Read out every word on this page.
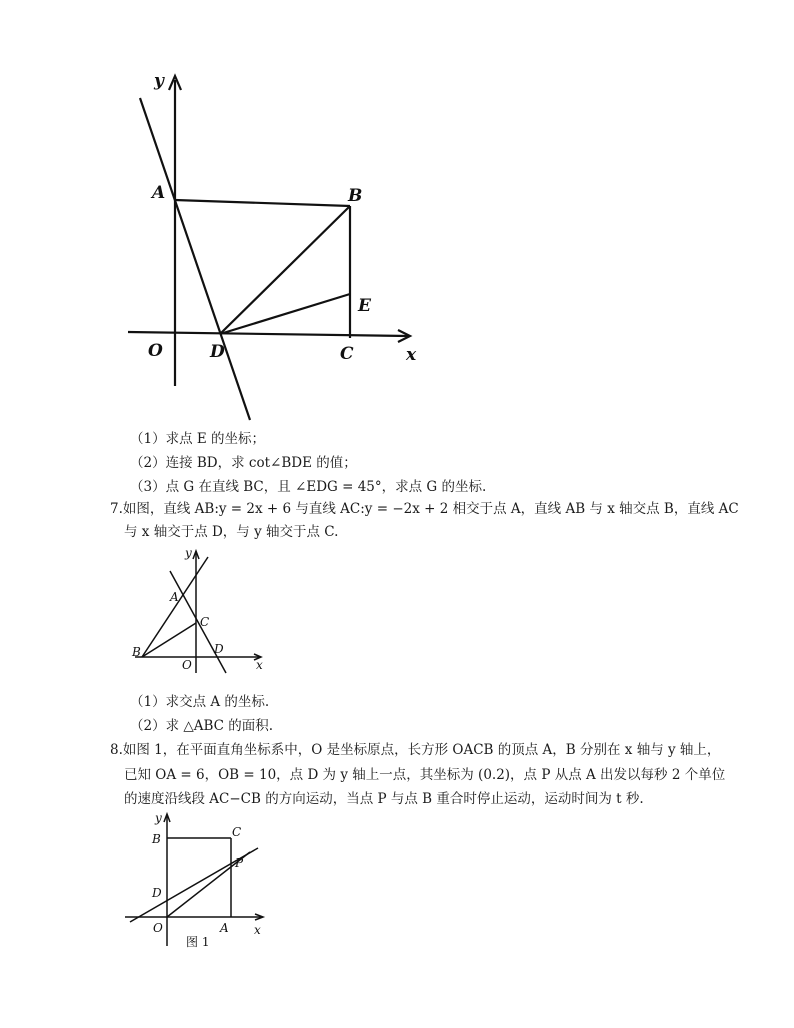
y
x
O
A	B
D	C
E
（1）求点 E 的坐标；
（2）连接 BD，求 cot∠BDE 的值；
（3）点 G 在直线 BC，且 ∠EDG = 45°，求点 G 的坐标.
7.如图，直线 AB:y = 2x + 6 与直线 AC:y = −2x + 2 相交于点 A，直线 AB 与 x 轴交点 B，直线 AC
与 x 轴交于点 D，与 y 轴交于点 C.
y
x
A
B
C
D
O
（1）求交点 A 的坐标.
（2）求 △ABC 的面积.
8.如图 1，在平面直角坐标系中，O 是坐标原点，长方形 OACB 的顶点 A，B 分别在 x 轴与 y 轴上，
已知 OA = 6，OB = 10，点 D 为 y 轴上一点，其坐标为 (0.2)，点 P 从点 A 出发以每秒 2 个单位
的速度沿线段 AC−CB 的方向运动，当点 P 与点 B 重合时停止运动，运动时间为 t 秒.
y
x
B	C
P
D
O	A
图 1
